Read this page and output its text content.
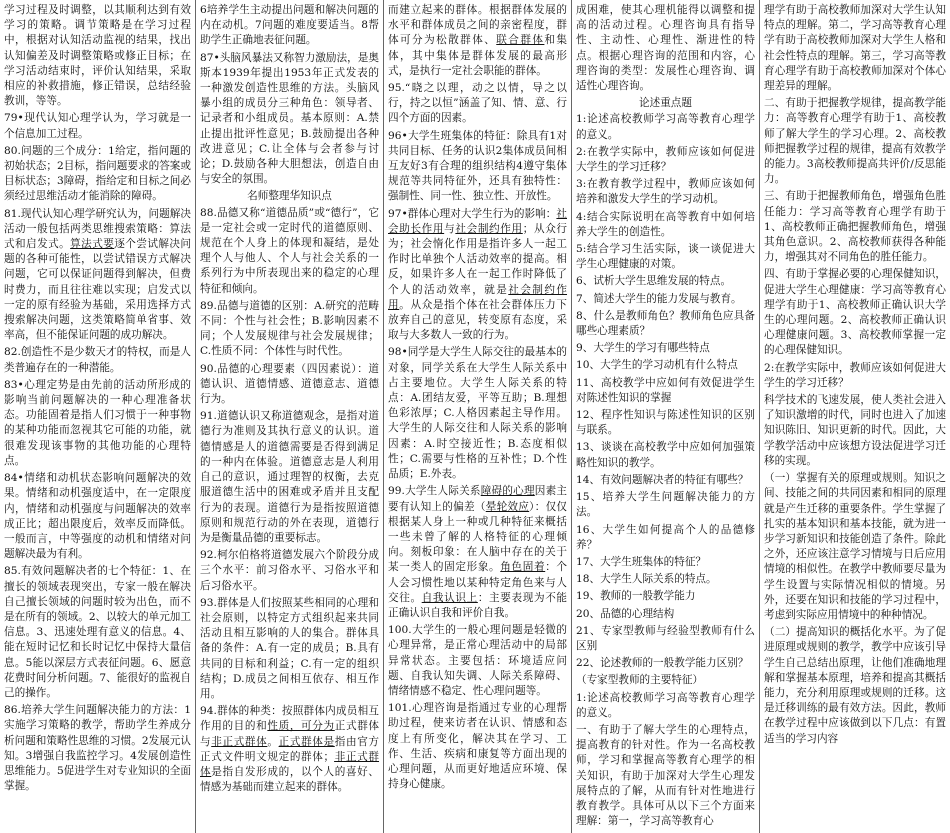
学习过程及时调整，以其顺利达到有效学习的策略。调节策略是在学习过程中，根据对认知活动监视的结果，找出认知偏差及时调整策略或修正目标；在学习活动结束时，评价认知结果，采取相应的补救措施，修正错误，总结经验教训，等等。

79•现代认知心理学认为，学习就是一个信息加工过程。

80.问题的三个成分：1给定，指问题的初始状态；2目标，指问题要求的答案或目标状态；3障碍，指给定和目标之间必须经过思维活动才能消除的障碍。

81.现代认知心理学研究认为，问题解决活动一般包括两类思维搜索策略：算法式和启发式。算法式要逐个尝试解决问题的各种可能性，以尝试错误方式解决问题，它可以保证问题得到解决，但费时费力，而且往往难以实现；启发式以一定的原有经验为基础，采用选择方式搜索解决问题，这类策略简单省事、效率高，但不能保证问题的成功解决。

82.创造性不是少数天才的特权，而是人类普遍存在的一种潜能。

83•心理定势是由先前的活动所形成的影响当前问题解决的一种心理准备状态。功能固着是指人们习惯于一种事物的某种功能而忽视其它可能的功能，就很难发现该事物的其他功能的心理特点。

84•情绪和动机状态影响问题解决的效果。情绪和动机强度适中，在一定限度内，情绪和动机强度与问题解决的效率成正比；超出限度后，效率反而降低。一般而言，中等强度的动机和情绪对问题解决最为有利。

85.有效问题解决者的七个特征：1、在擅长的领域表现突出，专家一般在解决自己擅长领域的问题时较为出色，而不是在所有的领域。2、以较大的单元加工信息。3、迅速处理有意义的信息。4、能在短时记忆和长时记忆中保持大量信息。5能以深层方式表征问题。6、愿意花费时间分析问题。7、能很好的监视自己的操作。

86.培养大学生问题解决能力的方法：1实施学习策略的教学，帮助学生养成分析问题和策略性思维的习惯。2发展元认知。3增强自我监控学习。4发展创造性思维能力。5促进学生对专业知识的全面掌握。

6培养学生主动提出问题和解决问题的内在动机。7问题的难度要适当。8帮助学生正确地表征问题。

87•头脑风暴法又称智力激励法，是奥斯本1939年提出1953年正式发表的一种激发创造性思维的方法。头脑风暴小组的成员分三种角色：领导者、记录者和小组成员。基本原则：A.禁止提出批评性意见；B.鼓励提出各种改进意见；C.让全体与会者参与讨论；D.鼓励各种大胆想法，创造自由与安全的氛围。

名师整理华知识点

88.品德又称“道德品质”或“德行”，它是一定社会或一定时代的道德原则、规范在个人身上的体现和凝结，是处理个人与他人、个人与社会关系的一系列行为中所表现出来的稳定的心理特征和倾向。

89.品德与道德的区别：A.研究的范畴不同：个性与社会性；B.影响因素不同；个人发展规律与社会发展规律；C.性质不同：个体性与时代性。

90.品德的心理要素（四因素说）：道德认识、道德情感、道德意志、道德行为。

91.道德认识又称道德观念，是指对道德行为准则及其执行意义的认识。道德情感是人的道德需要是否得到满足的一种内在体验。道德意志是人利用自己的意识，通过理智的权衡，去克服道德生活中的困难或矛盾并且支配行为的表现。道德行为是指按照道德原则和规范行动的外在表现，道德行为是衡量品德的重要标志。

92.柯尔伯格将道德发展六个阶段分成三个水平：前习俗水平、习俗水平和后习俗水平。

93.群体是人们按照某些相同的心理和社会原则，以特定方式组织起来共同活动且相互影响的人的集合。群体具备的条件：A.有一定的成员；B.具有共同的目标和利益；C.有一定的组织结构；D.成员之间相互依存、相互作用。

94.群体的种类：按照群体内成员相互作用的目的和性质，可分为正式群体与非正式群体。正式群体是指由官方正式文件明文规定的群体；非正式群体是指自发形成的，以个人的喜好、情感为基础而建立起来的群体。

而建立起来的群体。根据群体发展的水平和群体成员之间的亲密程度，群体可分为松散群体、联合群体和集体，其中集体是群体发展的最高形式，是执行一定社会职能的群体。

95.“晓之以理，动之以情，导之以行，持之以恒”涵盖了知、情、意、行四个方面的因素。

96•大学生班集体的特征：除具有1对共同目标、任务的认识2集体成员间相互友好3有合理的组织结构4遵守集体规范等共同特征外，还具有独特性：强制性、同一性、独立性、开放性。

97•群体心理对大学生行为的影响：社会助长作用与社会制约作用；从众行为；社会惰化作用是指许多人一起工作时比单独个人活动效率的提高。相反，如果许多人在一起工作时降低了个人的活动效率，就是社会制约作用。从众是指个体在社会群体压力下放弃自己的意见，转变原有态度，采取与大多数人一致的行为。

98•同学是大学生人际交往的最基本的对象，同学关系在大学生人际关系中占主要地位。大学生人际关系的特点：A.团结友爱，平等互助；B.理想色彩浓厚；C.人格因素起主导作用。大学生的人际交往和人际关系的影响因素：A.时空接近性；B.态度相似性；C.需要与性格的互补性；D.个性品质；E.外表。

99.大学生人际关系障碍的心理因素主要有认知上的偏差（晕轮效应）：仅仅根据某人身上一种或几种特征来概括一些未曾了解的人格特征的心理倾向。刻板印象：在人脑中存在的关于某一类人的固定形象。角色固着：个人会习惯性地以某种特定角色来与人交往。自我认识上：主要表现为不能正确认识自我和评价自我。

100.大学生的一般心理问题是轻微的心理异常，是正常心理活动中的局部异常状态。主要包括：环境适应问题、自我认知失调、人际关系障碍、情绪情感不稳定、性心理问题等。

101.心理咨询是指通过专业的心理帮助过程，使来访者在认识、情感和态度上有所变化，解决其在学习、工作、生活、疾病和康复等方面出现的心理问题，从而更好地适应环境、保持身心健康。

成困难，使其心理机能得以调整和提高的活动过程。心理咨询具有指导性、主动性、心理性、渐进性的特点。根据心理咨询的范围和内容，心理咨询的类型：发展性心理咨询、调适性心理咨询。

论述重点题

1:论述高校教师学习高等教育心理学的意义。

2:在教学实际中，教师应该如何促进大学生的学习迁移？

3:在教育教学过程中，教师应该如何培养和激发大学生的学习动机。

4:结合实际说明在高等教育中如何培养大学生的创造性。

5:结合学习生活实际，谈一谈促进大学生心理健康的对策。

6、试析大学生思维发展的特点。

7、简述大学生的能力发展与教育。

8、什么是教师角色？教师角色应具备哪些心理素质？

9、大学生的学习有哪些特点

10、大学生的学习动机有什么特点

11、高校教学中应如何有效促进学生对陈述性知识的掌握

12、程序性知识与陈述性知识的区别与联系。

13、谈谈在高校教学中应如何加强策略性知识的教学。

14、有效问题解决者的特征有哪些？

15、培养大学生问题解决能力的方法。

16、大学生如何提高个人的品德修养？

17、大学生班集体的特征？

18、大学生人际关系的特点。

19、教师的一般教学能力

20、品德的心理结构

21、专家型教师与经验型教师有什么区别

22、论述教师的一般教学能力区别？

（专家型教师的主要特征）

1:论述高校教师学习高等教育心理学的意义。

一、有助于了解大学生的心理特点，提高教育的针对性。作为一名高校教师，学习和掌握高等教育心理学的相关知识，有助于加深对大学生心理发展特点的了解，从而有针对性地进行教育教学。具体可从以下三个方面来理解：第一，学习高等教育心

理学有助于高校教师加深对大学生认知特点的理解。第二，学习高等教育心理学有助于高校教师加深对大学生人格和社会性特点的理解。第三，学习高等教育心理学有助于高校教师加深对个体心理差异的理解。

二、有助于把握教学规律，提高教学能力：高等教育心理学有助于1、高校教师了解大学生的学习心理。2、高校教师把握教学过程的规律，提高有效教学的能力。3高校教师提高共评价/反思能力。

三、有助于把握教师角色，增强角色胜任能力：学习高等教育心理学有助于1、高校教师正确把握教师角色，增强其角色意识。2、高校教师获得各种能力，增强其对不同角色的胜任能力。

四、有助于掌握必要的心理保健知识，促进大学生心理健康：学习高等教育心理学有助于1、高校教师正确认识大学生的心理问题。2、高校教师正确认识心理健康问题。3、高校教师掌握一定的心理保健知识。

2:在教学实际中，教师应该如何促进大学生的学习迁移？

科学技术的飞速发展，使人类社会进入了知识激增的时代，同时也进入了加速知识陈旧、知识更新的时代。因此，大学教学活动中应该想方设法促进学习迁移的实现。

（一）掌握有关的原理或规则。知识之间、技能之间的共同因素和相同的原理就是产生迁移的重要条件。学生掌握了扎实的基本知识和基本技能，就为进一步学习新知识和技能创造了条件。除此之外，还应该注意学习情境与日后应用情境的相似性。在教学中教师要尽量为学生设置与实际情况相似的情境。另外，还要在知识和技能的学习过程中，考虑到实际应用情境中的种种情况。

（二）提高知识的概括化水平。为了促进原理或规则的教学，教学中应该引导学生自己总结出原理，让他们准确地理解和掌握基本原理，培养和提高其概括能力，充分利用原理或规则的迁移。这是迁移训练的最有效方法。因此，教师在教学过程中应该做到以下几点：有置适当的学习内容
